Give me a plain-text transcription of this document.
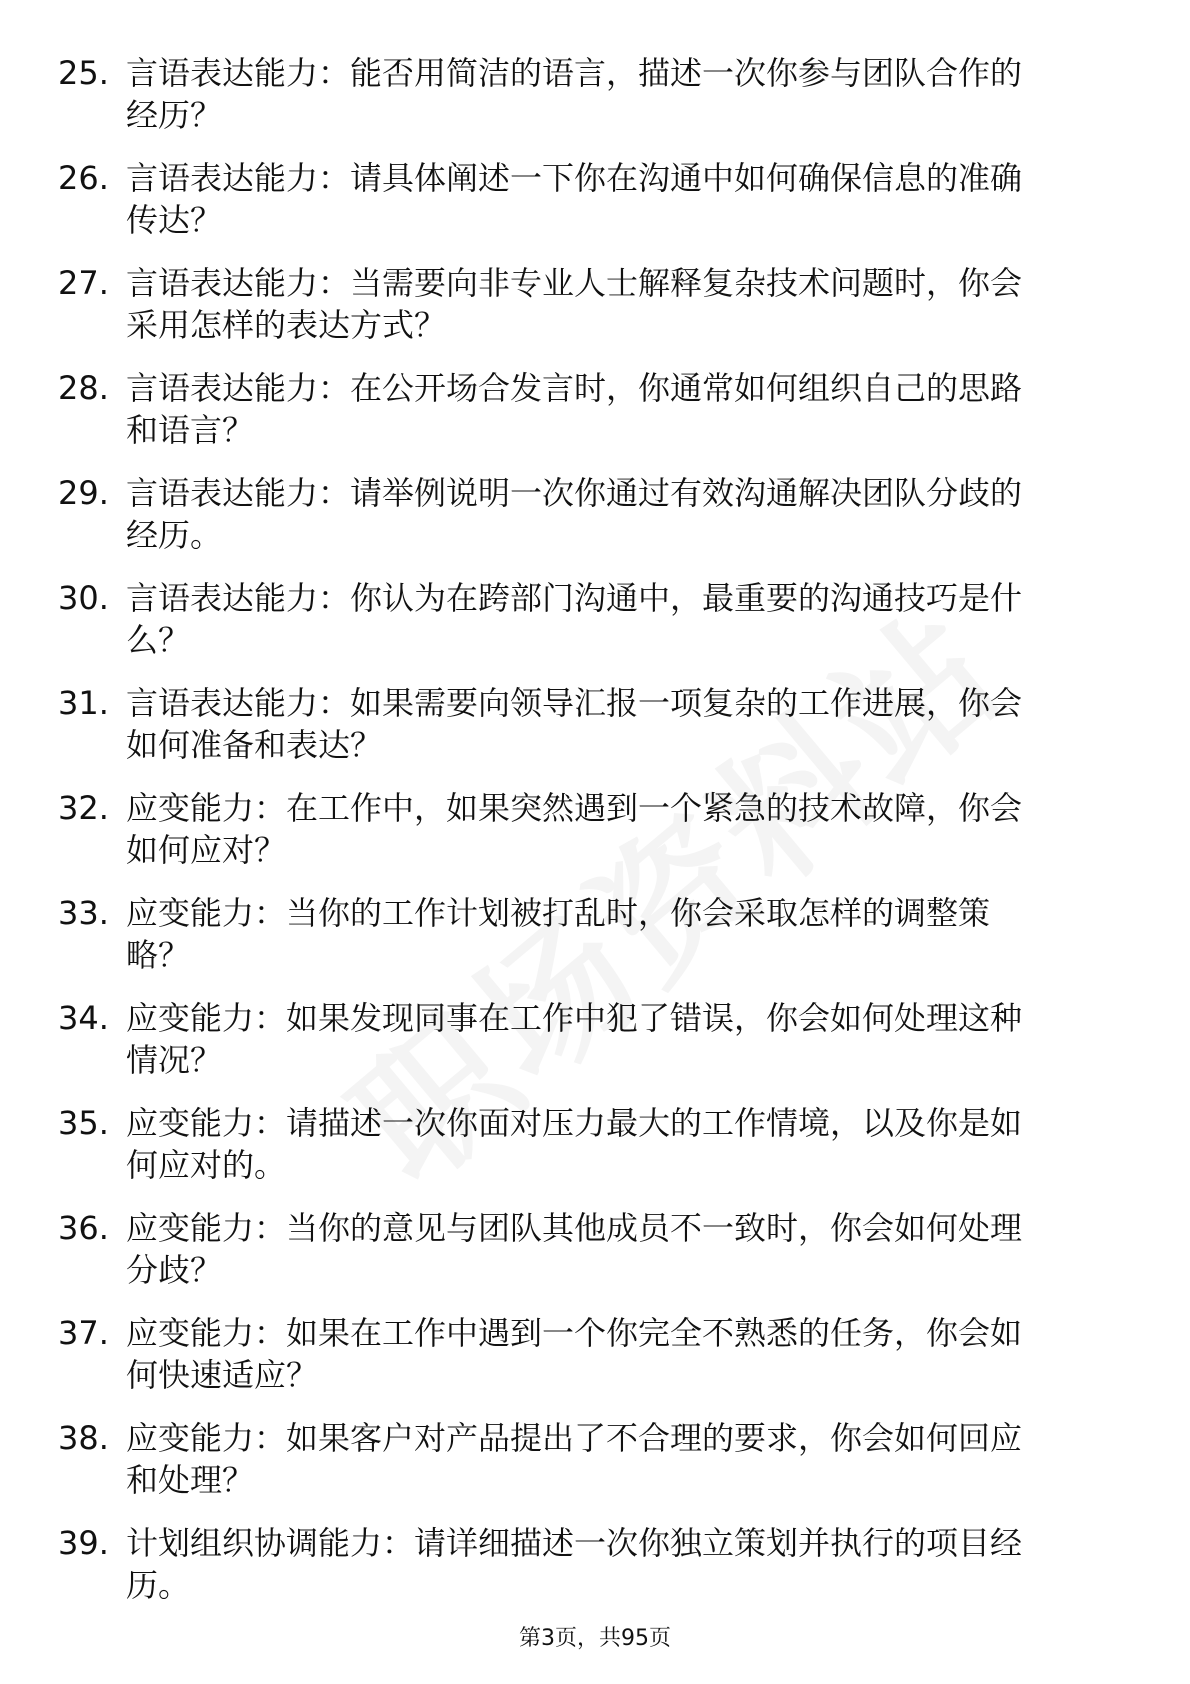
25. 言语表达能力：能否用简洁的语言，描述一次你参与团队合作的
经历？
26. 言语表达能力：请具体阐述一下你在沟通中如何确保信息的准确
传达？
27. 言语表达能力：当需要向非专业人士解释复杂技术问题时，你会
采用怎样的表达方式？
28. 言语表达能力：在公开场合发言时，你通常如何组织自己的思路
和语言？
29. 言语表达能力：请举例说明一次你通过有效沟通解决团队分歧的
经历。
30. 言语表达能力：你认为在跨部门沟通中，最重要的沟通技巧是什
么？
31. 言语表达能力：如果需要向领导汇报一项复杂的工作进展，你会
如何准备和表达？
32. 应变能力：在工作中，如果突然遇到一个紧急的技术故障，你会
如何应对？
33. 应变能力：当你的工作计划被打乱时，你会采取怎样的调整策
略？
34. 应变能力：如果发现同事在工作中犯了错误，你会如何处理这种
情况？
35. 应变能力：请描述一次你面对压力最大的工作情境，以及你是如
何应对的。
36. 应变能力：当你的意见与团队其他成员不一致时，你会如何处理
分歧？
37. 应变能力：如果在工作中遇到一个你完全不熟悉的任务，你会如
何快速适应？
38. 应变能力：如果客户对产品提出了不合理的要求，你会如何回应
和处理？
39. 计划组织协调能力：请详细描述一次你独立策划并执行的项目经
历。
第3页，共95页
